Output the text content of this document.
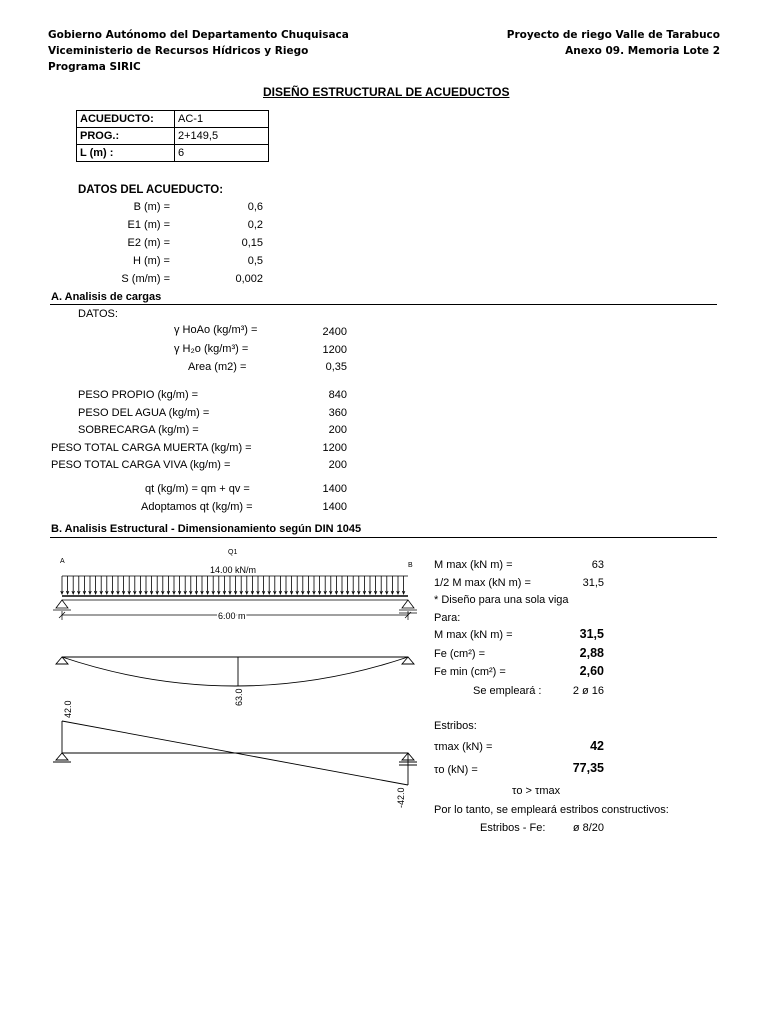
Gobierno Autónomo del Departamento Chuquisaca
Viceministerio de Recursos Hídricos y Riego
Programa SIRIC
Proyecto de riego Valle de Tarabuco
Anexo 09. Memoria Lote 2
DISEÑO ESTRUCTURAL DE ACUEDUCTOS
ACUEDUCTO:	AC-1
PROG.:	2+149,5
L (m) :	6
DATOS DEL ACUEDUCTO:
B (m) =	0,6
E1 (m) =	0,2
E2 (m) =	0,15
H (m) =	0,5
S (m/m) =	0,002
A. Analisis de cargas
DATOS:
γ HoAo (kg/m³) =	2400
γ H₂o (kg/m³) =	1200
Area (m2) =	0,35
PESO PROPIO (kg/m) =	840
PESO DEL AGUA (kg/m) =	360
SOBRECARGA (kg/m) =	200
PESO TOTAL CARGA MUERTA (kg/m) =	1200
PESO TOTAL CARGA VIVA (kg/m) =	200
qt (kg/m) = qm + qv =	1400
Adoptamos qt (kg/m) =	1400
B. Analisis Estructural - Dimensionamiento según DIN 1045
A
B
Q1
14.00 kN/m
6.00 m
63.0
42.0
-42.0
M max (kN m) =	63
1/2 M max (kN m) =	31,5
* Diseño para una sola viga
Para:
M max (kN m) =	31,5
Fe (cm²) =	2,88
Fe min (cm²) =	2,60
Se empleará :	2 ø 16
Estribos:
τmax (kN) =	42
τo (kN) =	77,35
τo > τmax
Por lo tanto, se empleará estribos constructivos:
Estribos - Fe: ø 8/20
